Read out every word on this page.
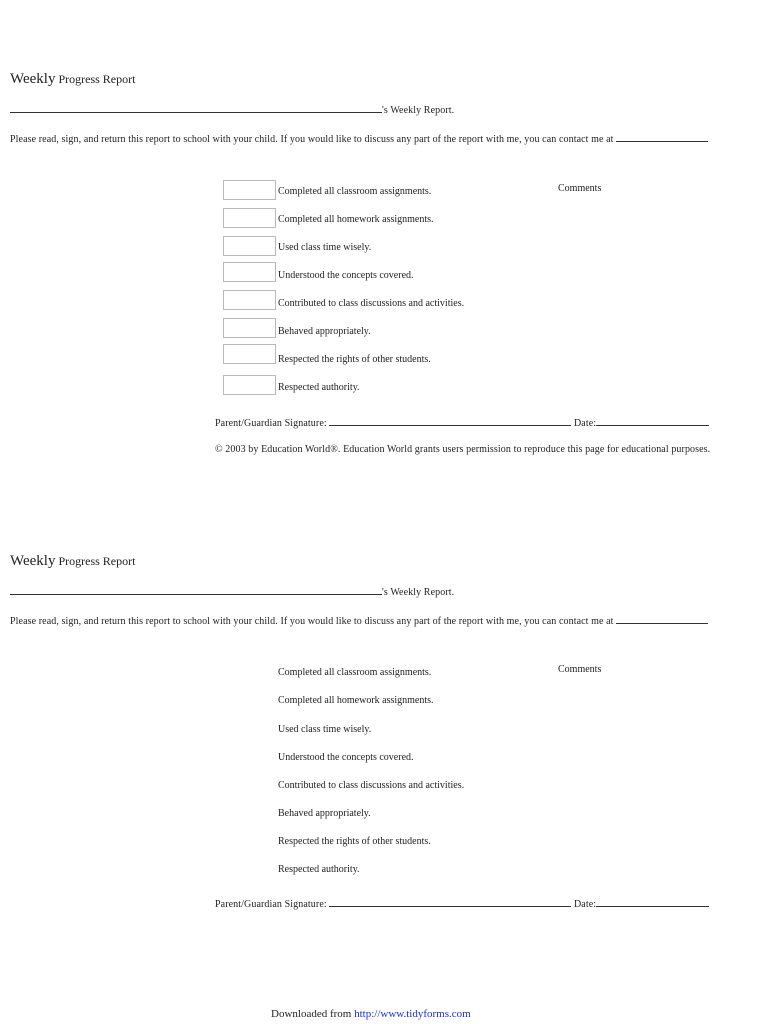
Weekly Progress Report
's Weekly Report.
Please read, sign, and return this report to school with your child. If you would like to discuss any part of the report with me, you can contact me at
Comments
Completed all classroom assignments.
Completed all homework assignments.
Used class time wisely.
Understood the concepts covered.
Contributed to class discussions and activities.
Behaved appropriately.
Respected the rights of other students.
Respected authority.
Parent/Guardian Signature:	Date:
© 2003 by Education World®. Education World grants users permission to reproduce this page for educational purposes.
Weekly Progress Report
's Weekly Report.
Please read, sign, and return this report to school with your child. If you would like to discuss any part of the report with me, you can contact me at
Comments
Completed all classroom assignments.
Completed all homework assignments.
Used class time wisely.
Understood the concepts covered.
Contributed to class discussions and activities.
Behaved appropriately.
Respected the rights of other students.
Respected authority.
Parent/Guardian Signature:	Date:
Downloaded from http://www.tidyforms.com
